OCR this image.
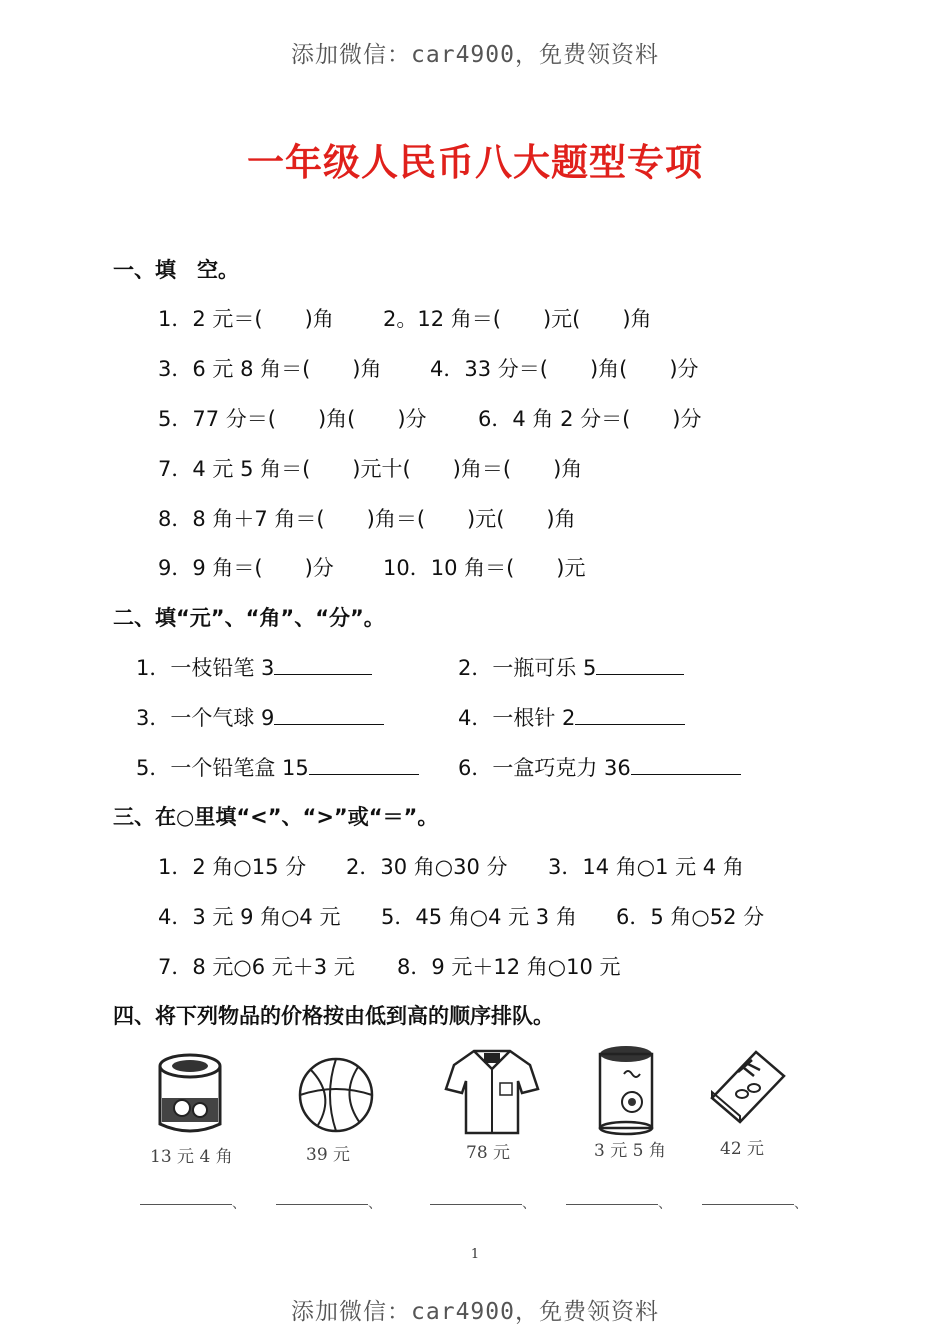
添加微信：car4900，免费领资料
一年级人民币八大题型专项
一、填　空。
1．2 元＝(　　)角 2。12 角＝(　　)元(　　)角
3．6 元 8 角＝(　　)角 4．33 分＝(　　)角(　　)分
5．77 分＝(　　)角(　　)分 6．4 角 2 分＝(　　)分
7．4 元 5 角＝(　　)元十(　　)角＝(　　)角
8．8 角＋7 角＝(　　)角＝(　　)元(　　)角
9．9 角＝(　　)分 10．10 角＝(　　)元
二、填“元”、“角”、“分”。
1．一枝铅笔 3	2．一瓶可乐 5
3．一个气球 9	4．一根针 2
5．一个铅笔盒 15	6．一盒巧克力 36
三、在○里填“<”、“>”或“＝”。
1．2 角○15 分 2．30 角○30 分 3．14 角○1 元 4 角
4．3 元 9 角○4 元 5．45 角○4 元 3 角 6．5 角○52 分
7．8 元○6 元＋3 元 8．9 元＋12 角○10 元
四、将下列物品的价格按由低到高的顺序排队。
13 元 4 角	39 元	78 元	3 元 5 角	42 元
、	、	、	、	、
1
添加微信：car4900，免费领资料
